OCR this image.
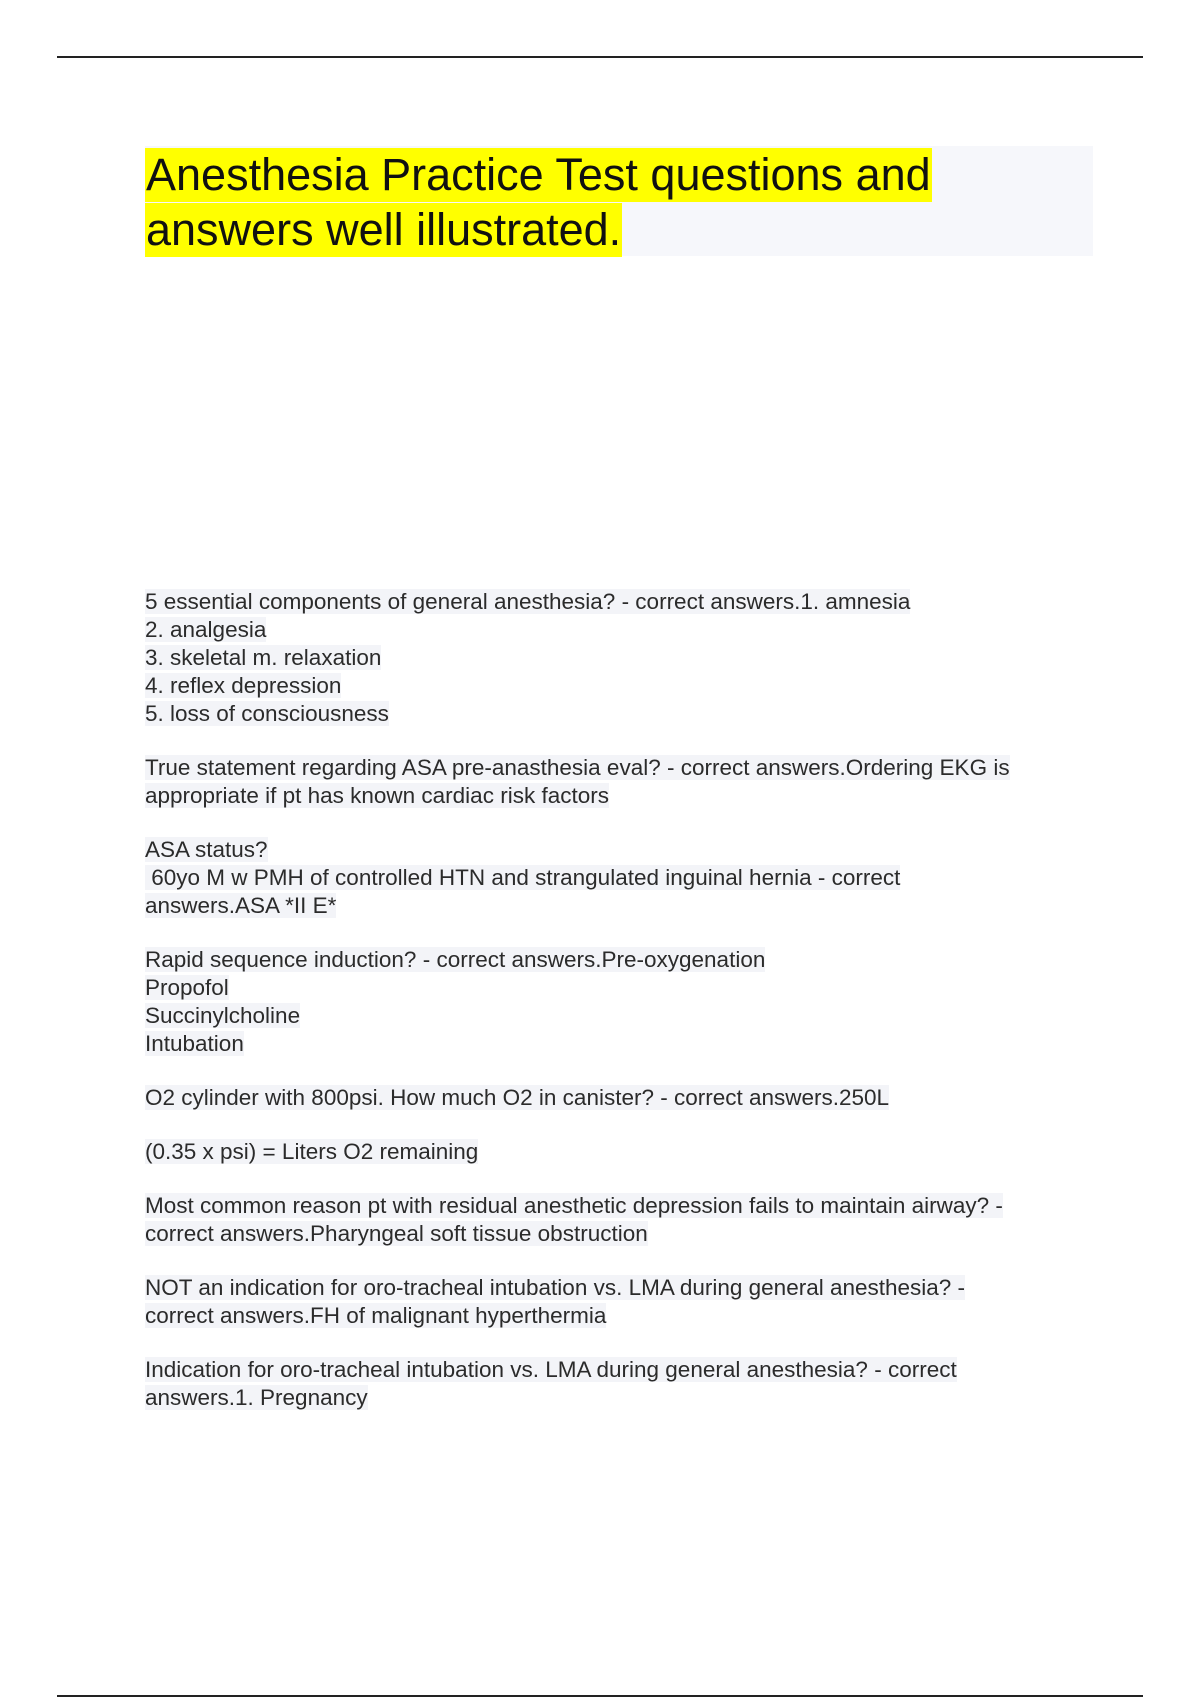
Anesthesia Practice Test questions and
answers well illustrated.
5 essential components of general anesthesia? - correct answers.1. amnesia
2. analgesia
3. skeletal m. relaxation
4. reflex depression
5. loss of consciousness
True statement regarding ASA pre-anasthesia eval? - correct answers.Ordering EKG is
appropriate if pt has known cardiac risk factors
ASA status?
60yo M w PMH of controlled HTN and strangulated inguinal hernia - correct
answers.ASA *II E*
Rapid sequence induction? - correct answers.Pre-oxygenation
Propofol
Succinylcholine
Intubation
O2 cylinder with 800psi. How much O2 in canister? - correct answers.250L
(0.35 x psi) = Liters O2 remaining
Most common reason pt with residual anesthetic depression fails to maintain airway? -
correct answers.Pharyngeal soft tissue obstruction
NOT an indication for oro-tracheal intubation vs. LMA during general anesthesia? -
correct answers.FH of malignant hyperthermia
Indication for oro-tracheal intubation vs. LMA during general anesthesia? - correct
answers.1. Pregnancy
